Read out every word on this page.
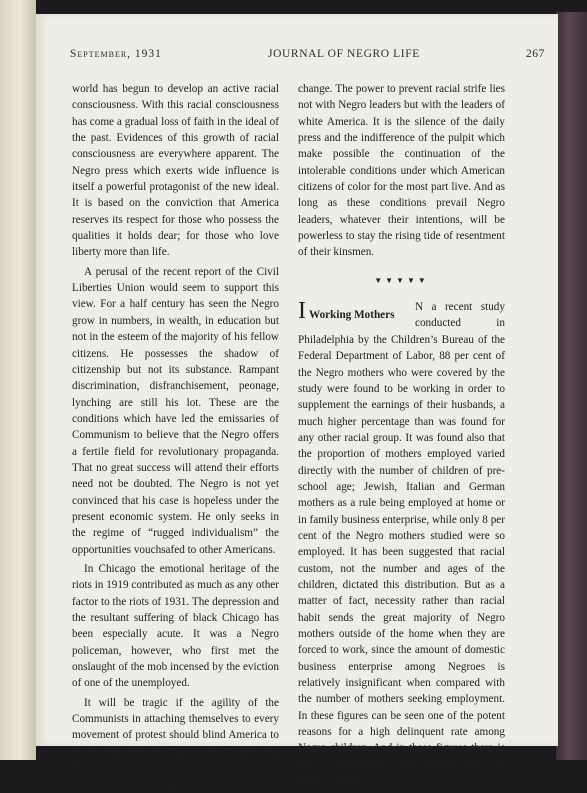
September, 1931	JOURNAL OF NEGRO LIFE	267

world has begun to develop an active racial consciousness. With this racial consciousness has come a gradual loss of faith in the ideal of the past. Evidences of this growth of racial consciousness are everywhere apparent. The Negro press which exerts wide influence is itself a powerful protagonist of the new ideal. It is based on the conviction that America reserves its respect for those who possess the qualities it holds dear; for those who love liberty more than life.

A perusal of the recent report of the Civil Liberties Union would seem to support this view. For a half century has seen the Negro grow in numbers, in wealth, in education but not in the esteem of the majority of his fellow citizens. He possesses the shadow of citizenship but not its substance. Rampant discrimination, disfranchisement, peonage, lynching are still his lot. These are the conditions which have led the emissaries of Communism to believe that the Negro offers a fertile field for revolutionary propaganda. That no great success will attend their efforts need not be doubted. The Negro is not yet convinced that his case is hopeless under the present economic system. He only seeks in the regime of “rugged individualism” the opportunities vouchsafed to other Americans.

In Chicago the emotional heritage of the riots in 1919 contributed as much as any other factor to the riots of 1931. The depression and the resultant suffering of black Chicago has been especially acute. It was a Negro policeman, however, who first met the onslaught of the mob incensed by the eviction of one of the unemployed.

It will be tragic if the agility of the Communists in attaching themselves to every movement of protest should blind America to the changing psychology of the Negro. For the protests of black America will grow in volume and intensity until conditions

change. The power to prevent racial strife lies not with Negro leaders but with the leaders of white America. It is the silence of the daily press and the indifference of the pulpit which make possible the continuation of the intolerable conditions under which American citizens of color for the most part live. And as long as these conditions prevail Negro leaders, whatever their intentions, will be powerless to stay the rising tide of resentment of their kinsmen.

▼▼▼▼▼

I Working Mothers
N a recent study conducted in Philadelphia by the Children’s Bureau of the Federal Department of Labor, 88 per cent of the Negro mothers who were covered by the study were found to be working in order to supplement the earnings of their husbands, a much higher percentage than was found for any other racial group. It was found also that the proportion of mothers employed varied directly with the number of children of pre-school age; Jewish, Italian and German mothers as a rule being employed at home or in family business enterprise, while only 8 per cent of the Negro mothers studied were so employed. It has been suggested that racial custom, not the number and ages of the children, dictated this distribution. But as a matter of fact, necessity rather than racial habit sends the great majority of Negro mothers outside of the home when they are forced to work, since the amount of domestic business enterprise among Negroes is relatively insignificant when compared with the number of mothers seeking employment. In these figures can be seen one of the potent reasons for a high delinquent rate among Negro children. And in these figures there is little to support the widely accepted theory of Negro indolence.
